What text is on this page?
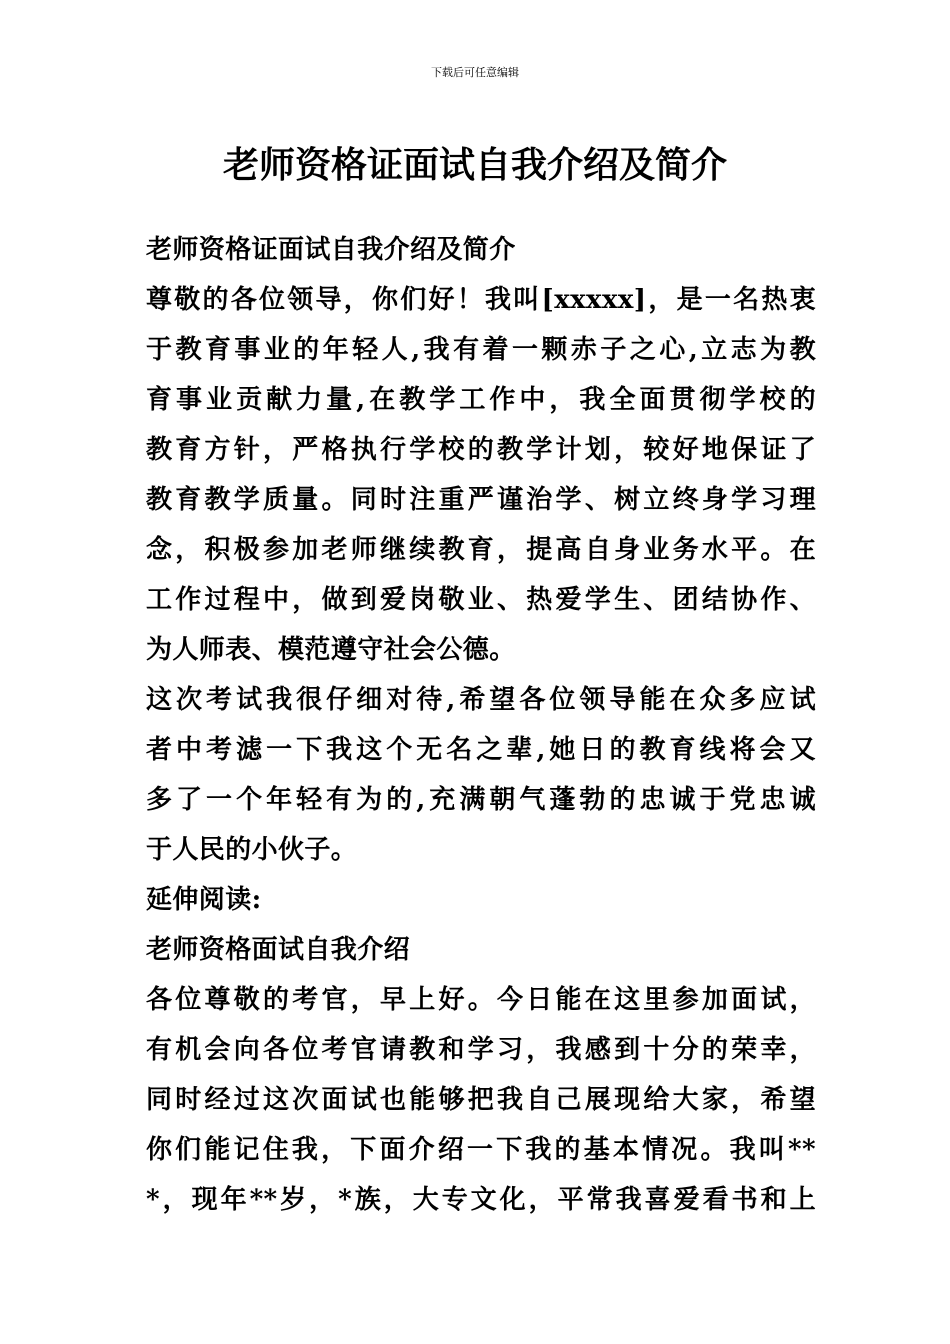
下载后可任意编辑
老师资格证面试自我介绍及简介
老师资格证面试自我介绍及简介
尊敬的各位领导，你们好！我叫[xxxxx]，是一名热衷
于教育事业的年轻人,我有着一颗赤子之心,立志为教
育事业贡献力量,在教学工作中，我全面贯彻学校的
教育方针，严格执行学校的教学计划，较好地保证了
教育教学质量。同时注重严谨治学、树立终身学习理
念，积极参加老师继续教育，提高自身业务水平。在
工作过程中，做到爱岗敬业、热爱学生、团结协作、
为人师表、模范遵守社会公德。
这次考试我很仔细对待,希望各位领导能在众多应试
者中考滤一下我这个无名之辈,她日的教育线将会又
多了一个年轻有为的,充满朝气蓬勃的忠诚于党忠诚
于人民的小伙子。
延伸阅读:
老师资格面试自我介绍
各位尊敬的考官，早上好。今日能在这里参加面试，
有机会向各位考官请教和学习，我感到十分的荣幸，
同时经过这次面试也能够把我自己展现给大家，希望
你们能记住我，下面介绍一下我的基本情况。我叫**
*，现年**岁，*族，大专文化，平常我喜爱看书和上
